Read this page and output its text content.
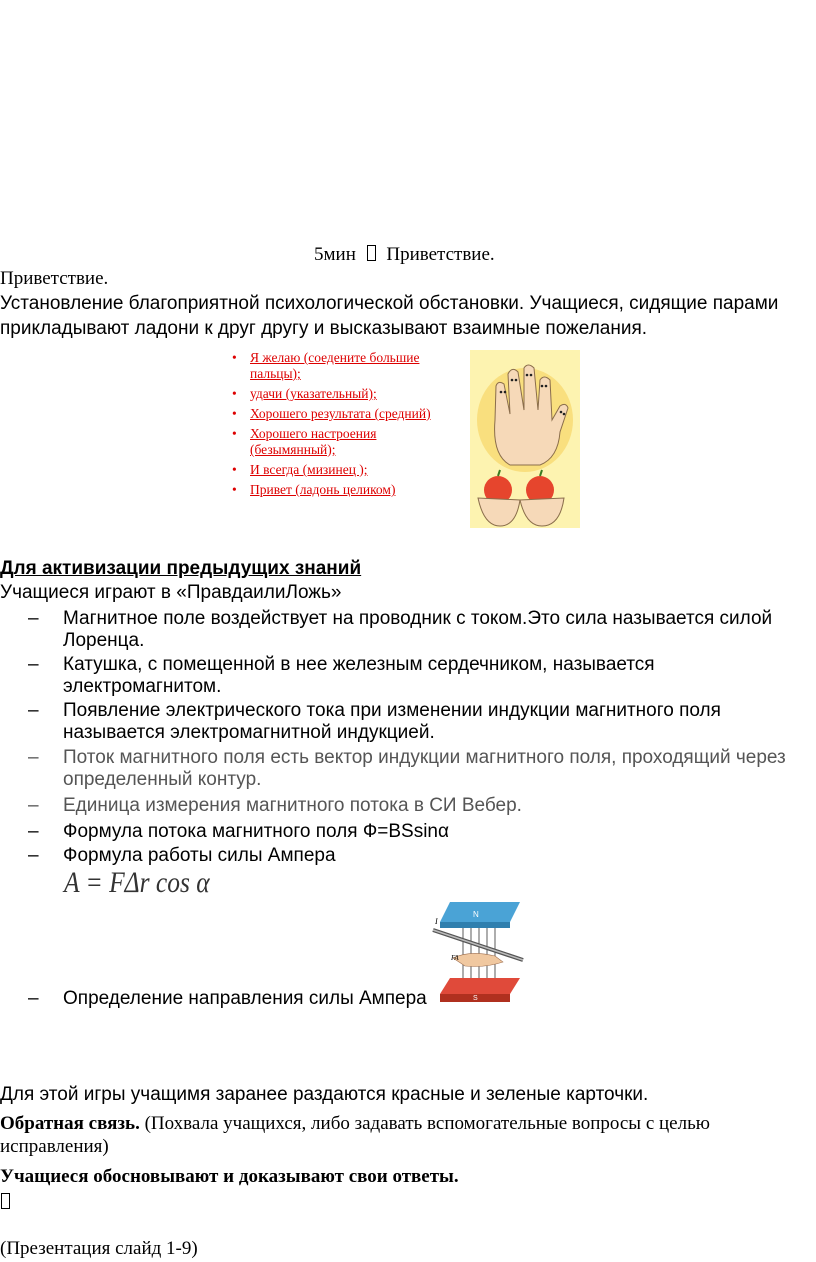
5мин Приветствие.
Приветствие.
Установление благоприятной психологической обстановки. Учащиеся, сидящие парами
прикладывают ладони к друг другу и высказывают взаимные пожелания.
• Я желаю (соедените большие
пальцы);
• удачи (указательный);
• Хорошего результата (средний)
• Хорошего настроения
(безымянный);
• И всегда (мизинец );
• Привет (ладонь целиком)
Для активизации предыдущих знаний
Учащиеся играют в «ПравдаилиЛожь»
– Магнитное поле воздействует на проводник с током.Это сила называется силой
Лоренца.
– Катушка, с помещенной в нее железным сердечником, называется
электромагнитом.
– Появление электрического тока при изменении индукции магнитного поля
называется электромагнитной индукцией.
– Поток магнитного поля есть вектор индукции магнитного поля, проходящий через
определенный контур.
– Единица измерения магнитного потока в СИ Вебер.
– Формула потока магнитного поля Ф=BSsinα
– Формула работы силы Ампера
– Определение направления силы Ампера
A = FΔr cos α
N
I
FA
S
Для этой игры учащимя заранее раздаются красные и зеленые карточки.
Обратная связь. (Похвала учащихся, либо задавать вспомогательные вопросы с целью
исправления)
Учащиеся обосновывают и доказывают свои ответы.
(Презентация слайд 1-9)
